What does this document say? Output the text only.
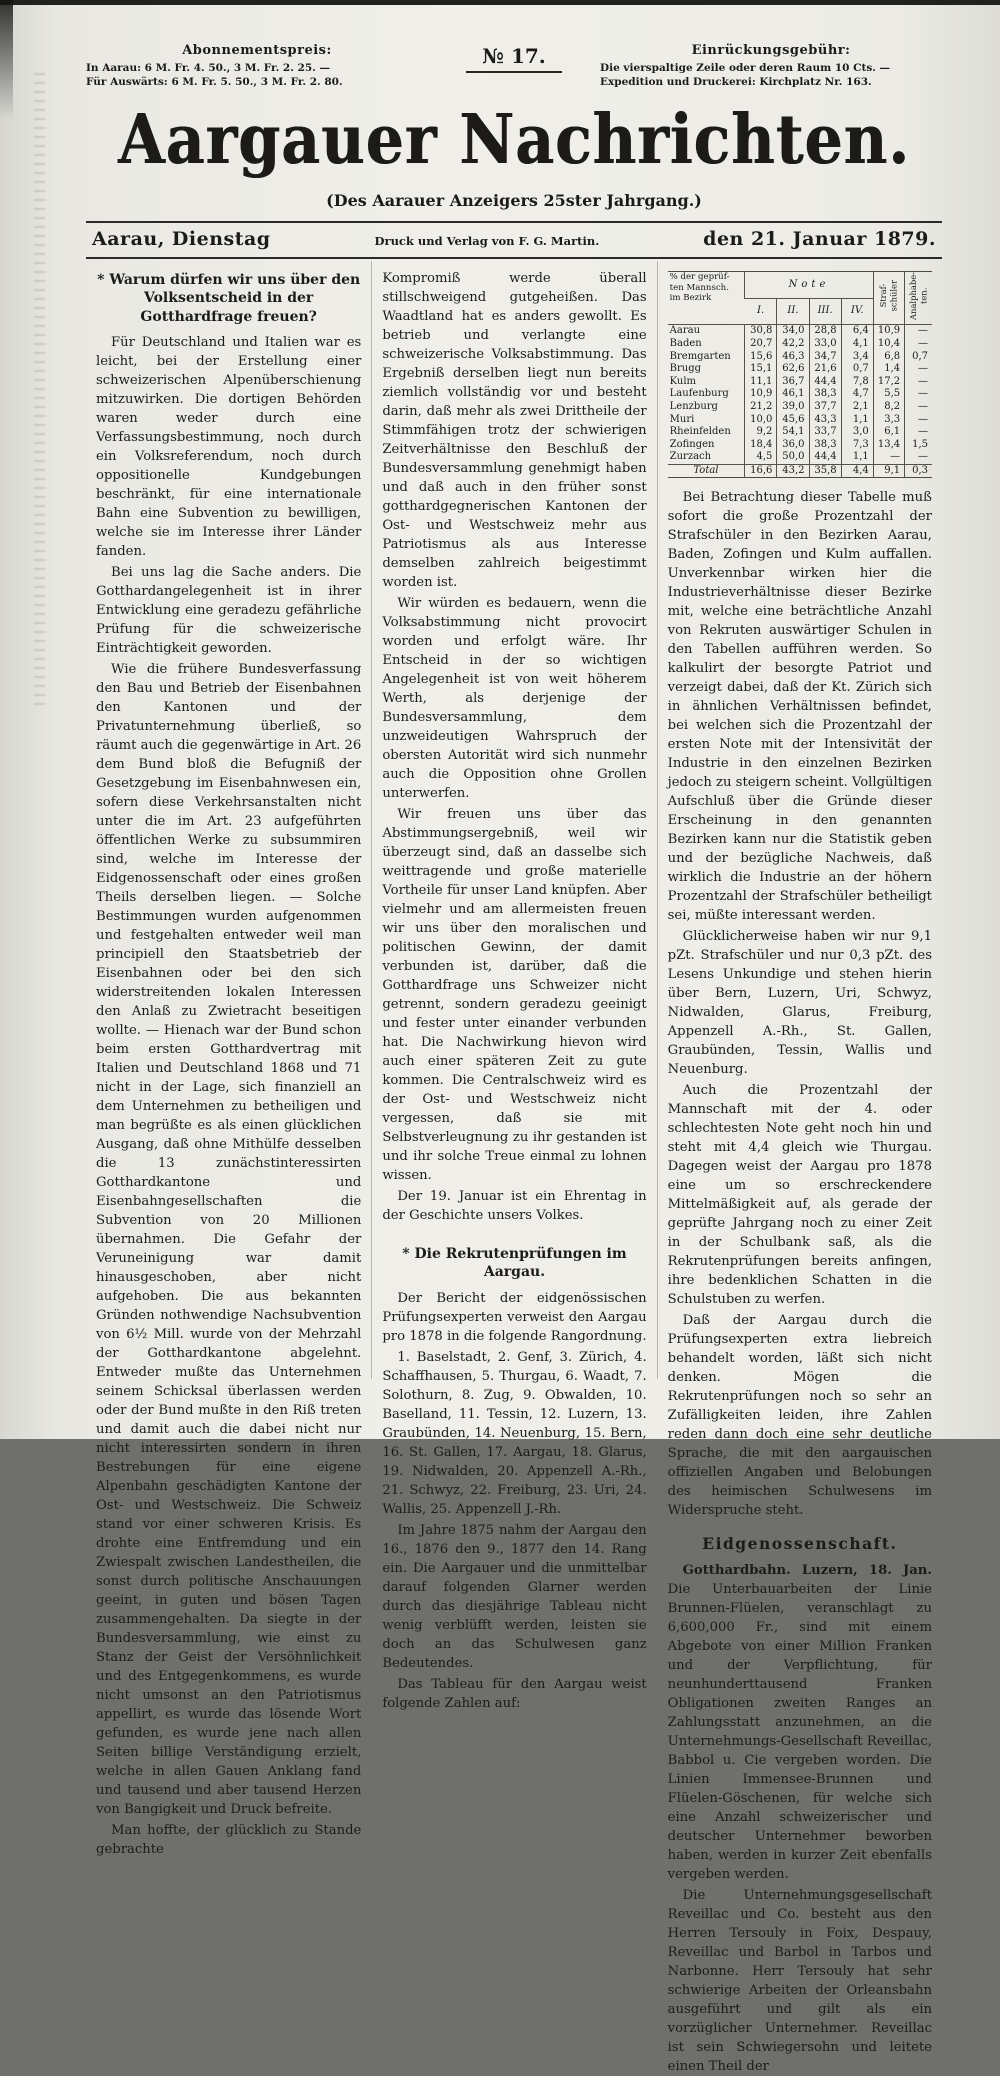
Abonnementspreis:
In Aarau: 6 M. Fr. 4. 50., 3 M. Fr. 2. 25. —
Für Auswärts: 6 M. Fr. 5. 50., 3 M. Fr. 2. 80.
№ 17.	Einrückungsgebühr:
Die vierspaltige Zeile oder deren Raum 10 Cts. —
Expedition und Druckerei: Kirchplatz Nr. 163.
Aargauer Nachrichten.
(Des Aarauer Anzeigers 25ster Jahrgang.)
Aarau, Dienstag	Druck und Verlag von F. G. Martin.	den 21. Januar 1879.
* Warum dürfen wir uns über den Volksentscheid in der Gotthardfrage freuen?

Für Deutschland und Italien war es leicht, bei der Erstellung einer schweizerischen Alpenüberschienung mitzuwirken. Die dortigen Behörden waren weder durch eine Verfassungsbestimmung, noch durch ein Volksreferendum, noch durch oppositionelle Kundgebungen beschränkt, für eine internationale Bahn eine Subvention zu bewilligen, welche sie im Interesse ihrer Länder fanden.

Bei uns lag die Sache anders. Die Gotthardangelegenheit ist in ihrer Entwicklung eine geradezu gefährliche Prüfung für die schweizerische Einträchtigkeit geworden.

Wie die frühere Bundesverfassung den Bau und Betrieb der Eisenbahnen den Kantonen und der Privatunternehmung überließ, so räumt auch die gegenwärtige in Art. 26 dem Bund bloß die Befugniß der Gesetzgebung im Eisenbahnwesen ein, sofern diese Verkehrsanstalten nicht unter die im Art. 23 aufgeführten öffentlichen Werke zu subsummiren sind, welche im Interesse der Eidgenossenschaft oder eines großen Theils derselben liegen. — Solche Bestimmungen wurden aufgenommen und festgehalten entweder weil man principiell den Staatsbetrieb der Eisenbahnen oder bei den sich widerstreitenden lokalen Interessen den Anlaß zu Zwietracht beseitigen wollte. — Hienach war der Bund schon beim ersten Gotthardvertrag mit Italien und Deutschland 1868 und 71 nicht in der Lage, sich finanziell an dem Unternehmen zu betheiligen und man begrüßte es als einen glücklichen Ausgang, daß ohne Mithülfe desselben die 13 zunächstinteressirten Gotthardkantone und Eisenbahngesellschaften die Subvention von 20 Millionen übernahmen. Die Gefahr der Veruneinigung war damit hinausgeschoben, aber nicht aufgehoben. Die aus bekannten Gründen nothwendige Nachsubvention von 6½ Mill. wurde von der Mehrzahl der Gotthardkantone abgelehnt. Entweder mußte das Unternehmen seinem Schicksal überlassen werden oder der Bund mußte in den Riß treten und damit auch die dabei nicht nur nicht interessirten sondern in ihren Bestrebungen für eine eigene Alpenbahn geschädigten Kantone der Ost- und Westschweiz. Die Schweiz stand vor einer schweren Krisis. Es drohte eine Entfremdung und ein Zwiespalt zwischen Landestheilen, die sonst durch politische Anschauungen geeint, in guten und bösen Tagen zusammengehalten. Da siegte in der Bundesversammlung, wie einst zu Stanz der Geist der Versöhnlichkeit und des Entgegenkommens, es wurde nicht umsonst an den Patriotismus appellirt, es wurde das lösende Wort gefunden, es wurde jene nach allen Seiten billige Verständigung erzielt, welche in allen Gauen Anklang fand und tausend und aber tausend Herzen von Bangigkeit und Druck befreite.

Man hoffte, der glücklich zu Stande gebrachte

Kompromiß werde überall stillschweigend gutgeheißen. Das Waadtland hat es anders gewollt. Es betrieb und verlangte eine schweizerische Volksabstimmung. Das Ergebniß derselben liegt nun bereits ziemlich vollständig vor und besteht darin, daß mehr als zwei Drittheile der Stimmfähigen trotz der schwierigen Zeitverhältnisse den Beschluß der Bundesversammlung genehmigt haben und daß auch in den früher sonst gotthardgegnerischen Kantonen der Ost- und Westschweiz mehr aus Patriotismus als aus Interesse demselben zahlreich beigestimmt worden ist.

Wir würden es bedauern, wenn die Volksabstimmung nicht provocirt worden und erfolgt wäre. Ihr Entscheid in der so wichtigen Angelegenheit ist von weit höherem Werth, als derjenige der Bundesversammlung, dem unzweideutigen Wahrspruch der obersten Autorität wird sich nunmehr auch die Opposition ohne Grollen unterwerfen.

Wir freuen uns über das Abstimmungsergebniß, weil wir überzeugt sind, daß an dasselbe sich weittragende und große materielle Vortheile für unser Land knüpfen. Aber vielmehr und am allermeisten freuen wir uns über den moralischen und politischen Gewinn, der damit verbunden ist, darüber, daß die Gotthardfrage uns Schweizer nicht getrennt, sondern geradezu geeinigt und fester unter einander verbunden hat. Die Nachwirkung hievon wird auch einer späteren Zeit zu gute kommen. Die Centralschweiz wird es der Ost- und Westschweiz nicht vergessen, daß sie mit Selbstverleugnung zu ihr gestanden ist und ihr solche Treue einmal zu lohnen wissen.

Der 19. Januar ist ein Ehrentag in der Geschichte unsers Volkes.

* Die Rekrutenprüfungen im Aargau.

Der Bericht der eidgenössischen Prüfungsexperten verweist den Aargau pro 1878 in die folgende Rangordnung.

1. Baselstadt, 2. Genf, 3. Zürich, 4. Schaffhausen, 5. Thurgau, 6. Waadt, 7. Solothurn, 8. Zug, 9. Obwalden, 10. Baselland, 11. Tessin, 12. Luzern, 13. Graubünden, 14. Neuenburg, 15. Bern, 16. St. Gallen, 17. Aargau, 18. Glarus, 19. Nidwalden, 20. Appenzell A.-Rh., 21. Schwyz, 22. Freiburg, 23. Uri, 24. Wallis, 25. Appenzell J.-Rh.

Im Jahre 1875 nahm der Aargau den 16., 1876 den 9., 1877 den 14. Rang ein. Die Aargauer und die unmittelbar darauf folgenden Glarner werden durch das diesjährige Tableau nicht wenig verblüfft werden, leisten sie doch an das Schulwesen ganz Bedeutendes.

Das Tableau für den Aargau weist folgende Zahlen auf:

% der geprüf-
ten Mannsch.
im Bezirk	Note				Straf-
schüler	Analphabe-
ten.
	I.	II.	III.	IV.		
Aarau	30,8	34,0	28,8	6,4	10,9	—
Baden	20,7	42,2	33,0	4,1	10,4	—
Bremgarten	15,6	46,3	34,7	3,4	6,8	0,7
Brugg	15,1	62,6	21,6	0,7	1,4	—
Kulm	11,1	36,7	44,4	7,8	17,2	—
Laufenburg	10,9	46,1	38,3	4,7	5,5	—
Lenzburg	21,2	39,0	37,7	2,1	8,2	—
Muri	10,0	45,6	43,3	1,1	3,3	—
Rheinfelden	9,2	54,1	33,7	3,0	6,1	—
Zofingen	18,4	36,0	38,3	7,3	13,4	1,5
Zurzach	4,5	50,0	44,4	1,1	—	—
Total	16,6	43,2	35,8	4,4	9,1	0,3

Bei Betrachtung dieser Tabelle muß sofort die große Prozentzahl der Strafschüler in den Bezirken Aarau, Baden, Zofingen und Kulm auffallen. Unverkennbar wirken hier die Industrieverhältnisse dieser Bezirke mit, welche eine beträchtliche Anzahl von Rekruten auswärtiger Schulen in den Tabellen aufführen werden. So kalkulirt der besorgte Patriot und verzeigt dabei, daß der Kt. Zürich sich in ähnlichen Verhältnissen befindet, bei welchen sich die Prozentzahl der ersten Note mit der Intensivität der Industrie in den einzelnen Bezirken jedoch zu steigern scheint. Vollgültigen Aufschluß über die Gründe dieser Erscheinung in den genannten Bezirken kann nur die Statistik geben und der bezügliche Nachweis, daß wirklich die Industrie an der höhern Prozentzahl der Strafschüler betheiligt sei, müßte interessant werden.

Glücklicherweise haben wir nur 9,1 pZt. Strafschüler und nur 0,3 pZt. des Lesens Unkundige und stehen hierin über Bern, Luzern, Uri, Schwyz, Nidwalden, Glarus, Freiburg, Appenzell A.-Rh., St. Gallen, Graubünden, Tessin, Wallis und Neuenburg.

Auch die Prozentzahl der Mannschaft mit der 4. oder schlechtesten Note geht noch hin und steht mit 4,4 gleich wie Thurgau. Dagegen weist der Aargau pro 1878 eine um so erschreckendere Mittelmäßigkeit auf, als gerade der geprüfte Jahrgang noch zu einer Zeit in der Schulbank saß, als die Rekrutenprüfungen bereits anfingen, ihre bedenklichen Schatten in die Schulstuben zu werfen.

Daß der Aargau durch die Prüfungsexperten extra liebreich behandelt worden, läßt sich nicht denken. Mögen die Rekrutenprüfungen noch so sehr an Zufälligkeiten leiden, ihre Zahlen reden dann doch eine sehr deutliche Sprache, die mit den aargauischen offiziellen Angaben und Belobungen des heimischen Schulwesens im Widerspruche steht.

Eidgenossenschaft.

Gotthardbahn. Luzern, 18. Jan. Die Unterbauarbeiten der Linie Brunnen-Flüelen, veranschlagt zu 6,600,000 Fr., sind mit einem Abgebote von einer Million Franken und der Verpflichtung, für neunhunderttausend Franken Obligationen zweiten Ranges an Zahlungsstatt anzunehmen, an die Unternehmungs-Gesellschaft Reveillac, Babbol u. Cie vergeben worden. Die Linien Immensee-Brunnen und Flüelen-Göschenen, für welche sich eine Anzahl schweizerischer und deutscher Unternehmer beworben haben, werden in kurzer Zeit ebenfalls vergeben werden.

Die Unternehmungsgesellschaft Reveillac und Co. besteht aus den Herren Tersouly in Foix, Despauy, Reveillac und Barbol in Tarbos und Narbonne. Herr Tersouly hat sehr schwierige Arbeiten der Orleansbahn ausgeführt und gilt als ein vorzüglicher Unternehmer. Reveillac ist sein Schwiegersohn und leitete einen Theil der
